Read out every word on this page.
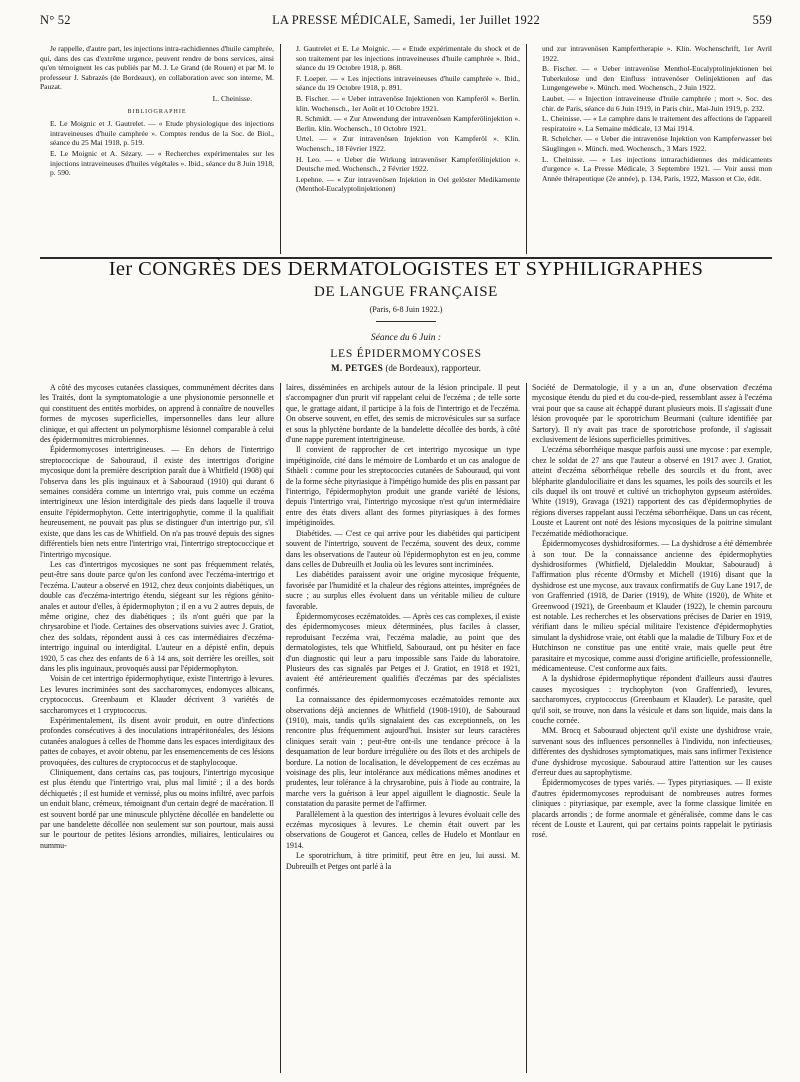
N° 52	LA PRESSE MÉDICALE, Samedi, 1er Juillet 1922	559

Je rappelle, d'autre part, les injections intra-rachidiennes d'huile camphrée, qui, dans des cas d'extrême urgence, peuvent rendre de bons services, ainsi qu'en témoignent les cas publiés par M. J. Le Grand (de Rouen) et par M. le professeur J. Sabrazès (de Bordeaux), en collaboration avec son interne, M. Pauzat.

L. Cheinisse.
BIBLIOGRAPHIE

E. Le Moignic et J. Gautrelet. — « Etude physiologique des injections intraveineuses d'huile camphrée ». Comptes rendus de la Soc. de Biol., séance du 25 Mai 1918, p. 519.

E. Le Moignic et A. Sézary. — « Recherches expérimentales sur les injections intraveineuses d'huiles végétales ». Ibid., séance du 8 Juin 1918, p. 590.

J. Gautrelet et E. Le Moignic. — « Etude expérimentale du shock et de son traitement par les injections intraveineuses d'huile camphrée ». Ibid., séance du 19 Octobre 1918, p. 868.

F. Loeper. — « Les injections intraveineuses d'huile camphrée ». Ibid., séance du 19 Octobre 1918, p. 891.

B. Fischer. — « Ueber intravenöse Injektionen von Kampferöl ». Berlin. klin. Wochensch., 1er Août et 10 Octobre 1921.

R. Schmidt. — « Zur Anwendung der intravenösen Kampferölinjektion ». Berlin. klin. Wochensch., 10 Octobre 1921.

Urtel. — « Zur intravenösen Injektion von Kampferöl ». Klin. Wochensch., 18 Février 1922.

H. Leo. — « Ueber die Wirkung intravenöser Kampferölinjektion ». Deutsche med. Wochensch., 2 Février 1922.

Lepehne. — « Zur intravenösen Injektion in Oel gelöster Medikamente (Menthol-Eucalyptolinjektionen)

und zur intravenösen Kampfertherapie ». Klin. Wochenschrift, 1er Avril 1922.

B. Fischer. — « Ueber intravenöse Menthol-Eucalyptolinjektionen bei Tuberkulose und den Einfluss intravenöser Oelinjektionen auf das Lungengewebe ». Münch. med. Wochensch., 2 Juin 1922.

Laubet. — « Injection intraveineuse d'huile camphrée ; mort ». Soc. des chir. de Paris, séance du 6 Juin 1919, in Paris chir., Mai-Juin 1919, p. 232.

L. Cheinisse. — « Le camphre dans le traitement des affections de l'appareil respiratoire ». La Semaine médicale, 13 Mai 1914.

R. Schelcher. — « Ueber die intravenöse Injektion von Kampferwasser bei Säuglingen ». Münch. med. Wochensch., 3 Mars 1922.

L. Cheinisse. — « Les injections intrarachidiennes des médicaments d'urgence ». La Presse Médicale, 3 Septembre 1921. — Voir aussi mon Année thérapeutique (2e année), p. 134, Paris, 1922, Masson et Cie, édit.

Ier CONGRÈS DES DERMATOLOGISTES ET SYPHILIGRAPHES
DE LANGUE FRANÇAISE
(Paris, 6-8 Juin 1922.)
Séance du 6 Juin :
LES ÉPIDERMOMYCOSES
M. PETGES (de Bordeaux), rapporteur.

A côté des mycoses cutanées classiques, communément décrites dans les Traités, dont la symptomatologie a une physionomie personnelle et qui constituent des entités morbides, on apprend à connaître de nouvelles formes de mycoses superficielles, impersonnelles dans leur allure clinique, et qui affectent un polymorphisme lésionnel comparable à celui des épidermomitres microbiennes.

Épidermomycoses intertrigineuses. — En dehors de l'intertrigo streptococcique de Sabouraud, il existe des intertrigos d'origine mycosique dont la première description paraît due à Whitfield (1908) qui l'observa dans les plis inguinaux et à Sabouraud (1910) qui durant 6 semaines considéra comme un intertrigo vrai, puis comme un eczéma intertrigineux une lésion interdigitale des pieds dans laquelle il trouva ensuite l'épidermophyton. Cette intertrigophytie, comme il la qualifiait heureusement, ne pouvait pas plus se distinguer d'un intertrigo pur, s'il existe, que dans les cas de Whitfield. On n'a pas trouvé depuis des signes différentiels bien nets entre l'intertrigo vrai, l'intertrigo streptococcique et l'intertrigo mycosique.

Les cas d'intertrigos mycosiques ne sont pas fréquemment relatés, peut-être sans doute parce qu'on les confond avec l'eczéma-intertrigo et l'eczéma. L'auteur a observé en 1912, chez deux conjoints diabétiques, un double cas d'eczéma-intertrigo étendu, siégeant sur les régions génito-anales et autour d'elles, à épidermophyton ; il en a vu 2 autres depuis, de même origine, chez des diabétiques ; ils n'ont guéri que par la chrysarobine et l'iode. Certaines des observations suivies avec J. Gratiot, chez des soldats, répondent aussi à ces cas intermédiaires d'eczéma-intertrigo inguinal ou interdigital. L'auteur en a dépisté enfin, depuis 1920, 5 cas chez des enfants de 6 à 14 ans, soit derrière les oreilles, soit dans les plis inguinaux, provoqués aussi par l'épidermophyton.

Voisin de cet intertrigo épidermophytique, existe l'intertrigo à levures. Les levures incriminées sont des saccharomyces, endomyces albicans, cryptococcus. Greenbaum et Klauder décrivent 3 variétés de saccharomyces et 1 cryptococcus.

Expérimentalement, ils disent avoir produit, en outre d'infections profondes consécutives à des inoculations intrapéritonéales, des lésions cutanées analogues à celles de l'homme dans les espaces interdigitaux des pattes de cobayes, et avoir obtenu, par les ensemencements de ces lésions provoquées, des cultures de cryptococcus et de staphylocoque.

Cliniquement, dans certains cas, pas toujours, l'intertrigo mycosique est plus étendu que l'intertrigo vrai, plus mal limité ; il a des bords déchiquetés ; il est humide et vernissé, plus ou moins infiltré, avec parfois un enduit blanc, crémeux, témoignant d'un certain degré de macération. Il est souvent bordé par une minuscule phlyctène décollée en bandelette ou par une bandelette décollée non seulement sur son pourtour, mais aussi sur le pourtour de petites lésions arrondies, miliaires, lenticulaires ou nummu-

laires, disséminées en archipels autour de la lésion principale. Il peut s'accompagner d'un prurit vif rappelant celui de l'eczéma ; de telle sorte que, le grattage aidant, il participe à la fois de l'intertrigo et de l'eczéma. On observe souvent, en effet, des semis de microvésicules sur sa surface et sous la phlyctène bordante de la bandelette décollée des bords, à côté d'une nappe purement intertrigineuse.

Il convient de rapprocher de cet intertrigo mycosique un type impétiginoïde, cité dans le mémoire de Lombardo et un cas analogue de Sthäeli : comme pour les streptococcies cutanées de Sabouraud, qui vont de la forme sèche pityriasique à l'impétigo humide des plis en passant par l'intertrigo, l'épidermophyton produit une grande variété de lésions, depuis l'intertrigo vrai, l'intertrigo mycosique n'est qu'un intermédiaire entre des états divers allant des formes pityriasiques à des formes impétiginoïdes.

Diabétides. — C'est ce qui arrive pour les diabétides qui participent souvent de l'intertrigo, souvent de l'eczéma, souvent des deux, comme dans les observations de l'auteur où l'épidermophyton est en jeu, comme dans celles de Dubreuilh et Joulia où les levures sont incriminées.

Les diabétides paraissent avoir une origine mycosique fréquente, favorisée par l'humidité et la chaleur des régions atteintes, imprégnées de sucre ; au surplus elles évoluent dans un véritable milieu de culture favorable.

Épidermomycoses eczématoïdes. — Après ces cas complexes, il existe des épidermomycoses mieux déterminées, plus faciles à classer, reproduisant l'eczéma vrai, l'eczéma maladie, au point que des dermatologistes, tels que Whitfield, Sabouraud, ont pu hésiter en face d'un diagnostic qui leur a paru impossible sans l'aide du laboratoire. Plusieurs des cas signalés par Petges et J. Gratiot, en 1918 et 1921, avaient été antérieurement qualifiés d'eczémas par des spécialistes confirmés.

La connaissance des épidermomycoses eczématoïdes remonte aux observations déjà anciennes de Whitfield (1908-1910), de Sabouraud (1910), mais, tandis qu'ils signalaient des cas exceptionnels, on les rencontre plus fréquemment aujourd'hui. Insister sur leurs caractères cliniques serait vain ; peut-être ont-ils une tendance précoce à la desquamation de leur bordure irrégulière ou des îlots et des archipels de bordure. La notion de localisation, le développement de ces eczémas au voisinage des plis, leur intolérance aux médications mêmes anodines et prudentes, leur tolérance à la chrysarobine, puis à l'iode au contraire, la marche vers la guérison à leur appel aiguillent le diagnostic. Seule la constatation du parasite permet de l'affirmer.

Parallèlement à la question des intertrigos à levures évoluait celle des eczémas mycosiques à levures. Le chemin était ouvert par les observations de Gougerot et Gancea, celles de Hudelo et Montlaur en 1914.

Le sporotrichum, à titre primitif, peut être en jeu, lui aussi. M. Dubreuilh et Petges ont parlé à la

Société de Dermatologie, il y a un an, d'une observation d'eczéma mycosique étendu du pied et du cou-de-pied, ressemblant assez à l'eczéma vrai pour que sa cause ait échappé durant plusieurs mois. Il s'agissait d'une lésion provoquée par le sporotrichum Beurmani (culture identifiée par Sartory). Il n'y avait pas trace de sporotrichose profonde, il s'agissait exclusivement de lésions superficielles primitives.

L'eczéma séborrhéique masque parfois aussi une mycose : par exemple, chez le soldat de 27 ans que l'auteur a observé en 1917 avec J. Gratiot, atteint d'eczéma séborrhéique rebelle des sourcils et du front, avec blépharite glandulociliaire et dans les squames, les poils des sourcils et les cils duquel ils ont trouvé et cultivé un trichophyton gypseum astéroïdes. White (1919), Gravaga (1921) rapportent des cas d'épidermophyties de régions diverses rappelant aussi l'eczéma séborrhéique. Dans un cas récent, Louste et Laurent ont noté des lésions mycosiques de la poitrine simulant l'eczématide médiothoracique.

Épidermomycoses dyshidrosiformes. — La dyshidrose a été démembrée à son tour. De la connaissance ancienne des épidermophyties dyshidrosiformes (Whitfield, Djelaleddin Mouktar, Sabouraud) à l'affirmation plus récente d'Ormsby et Michell (1916) disant que la dyshidrose est une mycose, aux travaux confirmatifs de Guy Lane 1917, de von Graffenried (1918, de Darier (1919), de White (1920), de White et Greenwood (1921), de Greenbaum et Klauder (1922), le chemin parcouru est notable. Les recherches et les observations précises de Darier en 1919, vérifiant dans le milieu spécial militaire l'existence d'épidermophyties simulant la dyshidrose vraie, ont établi que la maladie de Tilbury Fox et de Hutchinson ne constitue pas une entité vraie, mais quelle peut être parasitaire et mycosique, comme aussi d'origine artificielle, professionnelle, médicamenteuse. C'est conforme aux faits.

A la dyshidrose épidermophytique répondent d'ailleurs aussi d'autres causes mycosiques : trychophyton (von Graffenried), levures, saccharomyces, cryptococcus (Greenbaum et Klauder). Le parasite, quel qu'il soit, se trouve, non dans la vésicule et dans son liquide, mais dans la couche cornée.

MM. Brocq et Sabouraud objectent qu'il existe une dyshidrose vraie, survenant sous des influences personnelles à l'individu, non infectieuses, différentes des dyshidroses symptomatiques, mais sans infirmer l'existence d'une dyshidrose mycosique. Sabouraud attire l'attention sur les causes d'erreur dues au saprophytisme.

Épidermomycoses de types variés. — Types pityriasiques. — Il existe d'autres épidermomycoses reproduisant de nombreuses autres formes cliniques : pityriasique, par exemple, avec la forme classique limitée en placards arrondis ; de forme anormale et généralisée, comme dans le cas récent de Louste et Laurent, qui par certains points rappelait le pytiriasis rosé.
